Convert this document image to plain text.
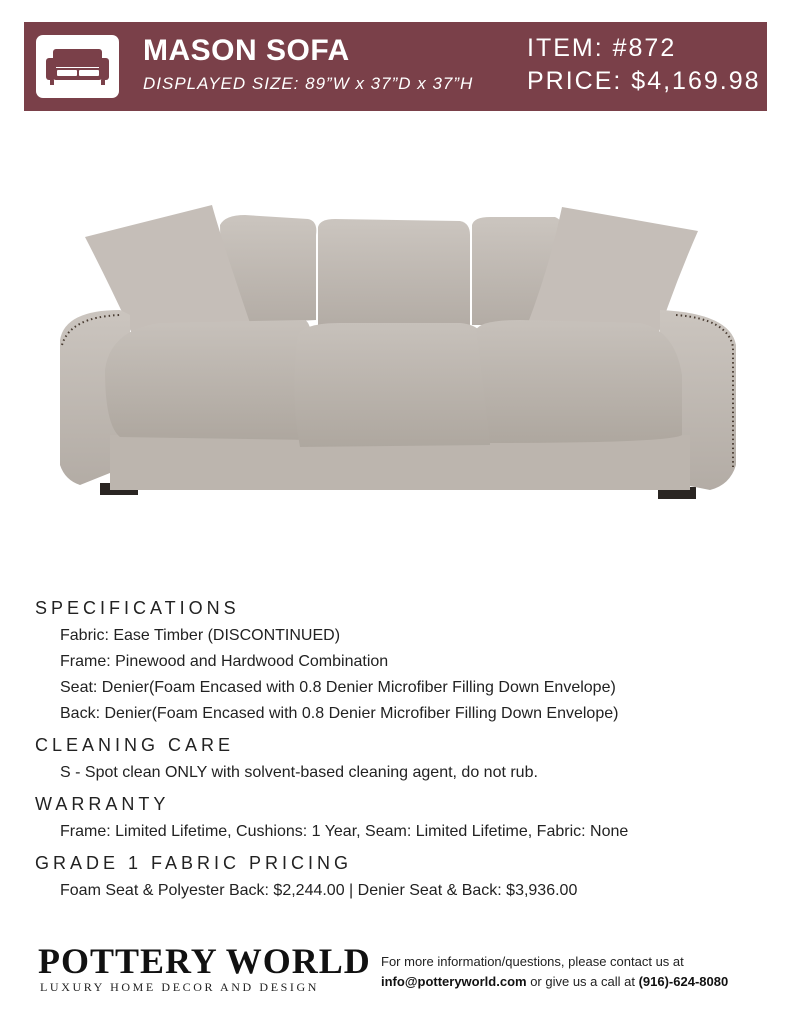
MASON SOFA
DISPLAYED SIZE: 89”W x 37”D x 37”H
ITEM: #872
PRICE: $4,169.98
SPECIFICATIONS
Fabric: Ease Timber (DISCONTINUED)
Frame: Pinewood and Hardwood Combination
Seat: Denier(Foam Encased with 0.8 Denier Microfiber Filling Down Envelope)
Back: Denier(Foam Encased with 0.8 Denier Microfiber Filling Down Envelope)
CLEANING CARE
S - Spot clean ONLY with solvent-based cleaning agent, do not rub.
WARRANTY
Frame: Limited Lifetime, Cushions: 1 Year, Seam: Limited Lifetime, Fabric: None
GRADE 1 FABRIC PRICING
Foam Seat & Polyester Back: $2,244.00 | Denier Seat & Back: $3,936.00
POTTERY WORLD
LUXURY HOME DECOR AND DESIGN
For more information/questions, please contact us at
info@potteryworld.com or give us a call at (916)-624-8080
